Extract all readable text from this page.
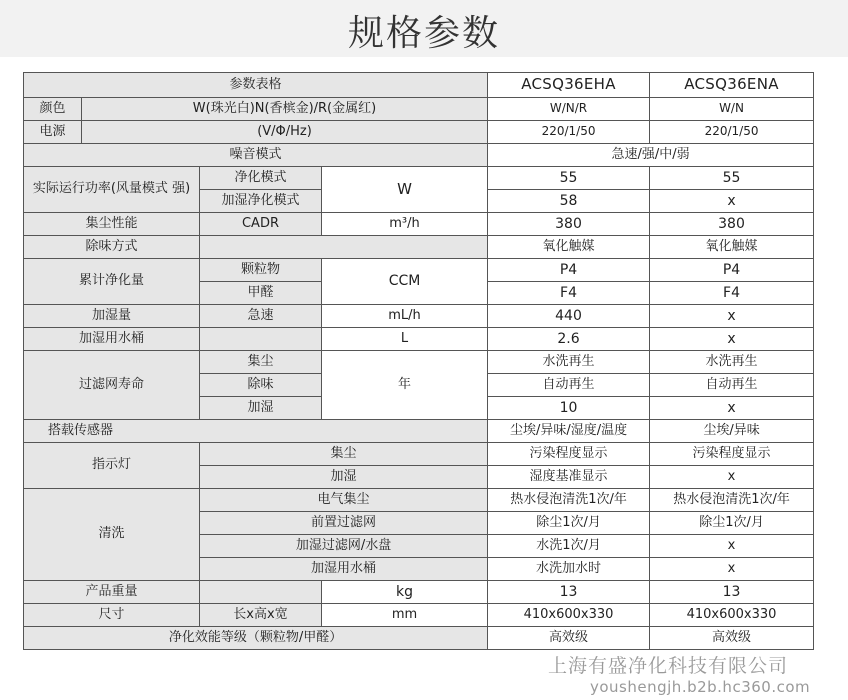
规格参数
参数表格				ACSQ36EHA	ACSQ36ENA	
颜色	W(珠光白)N(香槟金)/R(金属红)			W/N/R	W/N	
电源	(V/Φ/Hz)			220/1/50	220/1/50	
噪音模式				急速/强/中/弱		
实际运行功率(风量模式 强)		净化模式	W	55	55	
		加湿净化模式		58	x	
集尘性能		CADR	m³/h	380	380	
除味方式				氧化触媒	氧化触媒	
累计净化量		颗粒物	CCM	P4	P4	
		甲醛		F4	F4	
加湿量		急速	mL/h	440	x	
加湿用水桶			L	2.6	x	
过滤网寿命		集尘	年	水洗再生	水洗再生	
		除味		自动再生	自动再生	
		加湿		10	x	
搭载传感器				尘埃/异味/湿度/温度	尘埃/异味	
指示灯		集尘		污染程度显示	污染程度显示	
		加湿		湿度基准显示	x	
清洗		电气集尘		热水侵泡清洗1次/年	热水侵泡清洗1次/年	
		前置过滤网		除尘1次/月	除尘1次/月	
		加湿过滤网/水盘		水洗1次/月	x	
		加湿用水桶		水洗加水时	x	
产品重量			kg	13	13	
尺寸		长x高x宽	mm	410x600x330	410x600x330	
净化效能等级（颗粒物/甲醛）				高效级	高效级	
上海有盛净化科技有限公司
youshengjh.b2b.hc360.com
